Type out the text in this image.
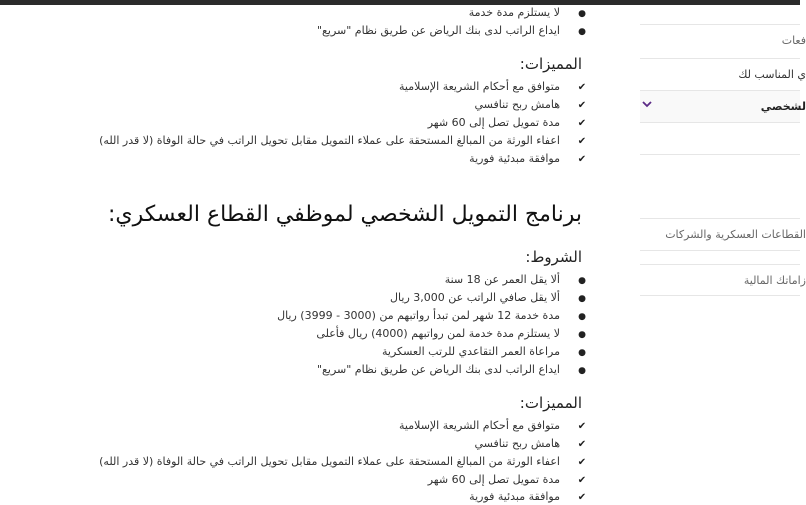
●لا يستلزم مدة خدمة
●ايداع الراتب لدى بنك الرياض عن طريق نظام "سريع"
المميزات:
✔متوافق مع أحكام الشريعة الإسلامية
✔هامش ربح تنافسي
✔مدة تمويل تصل إلى 60 شهر
✔اعفاء الورثة من المبالغ المستحقة على عملاء التمويل مقابل تحويل الراتب في حالة الوفاة (لا قدر الله)
✔موافقة مبدئية فورية
برنامج التمويل الشخصي لموظفي القطاع العسكري:
الشروط:
●ألا يقل العمر عن 18 سنة
●ألا يقل صافي الراتب عن 3,000 ريال
●مدة خدمة 12 شهر لمن تبدأ رواتبهم من (3000 - 3999) ريال
●لا يستلزم مدة خدمة لمن رواتبهم (4000) ريال فأعلى
●مراعاة العمر التقاعدي للرتب العسكرية
●ايداع الراتب لدى بنك الرياض عن طريق نظام "سريع"
المميزات:
✔متوافق مع أحكام الشريعة الإسلامية
✔هامش ربح تنافسي
✔اعفاء الورثة من المبالغ المستحقة على عملاء التمويل مقابل تحويل الراتب في حالة الوفاة (لا قدر الله)
✔مدة تمويل تصل إلى 60 شهر
✔موافقة مبدئية فورية
فعات
ي المناسب لك
لشخصي
القطاعات العسكرية والشركات
زاماتك المالية
